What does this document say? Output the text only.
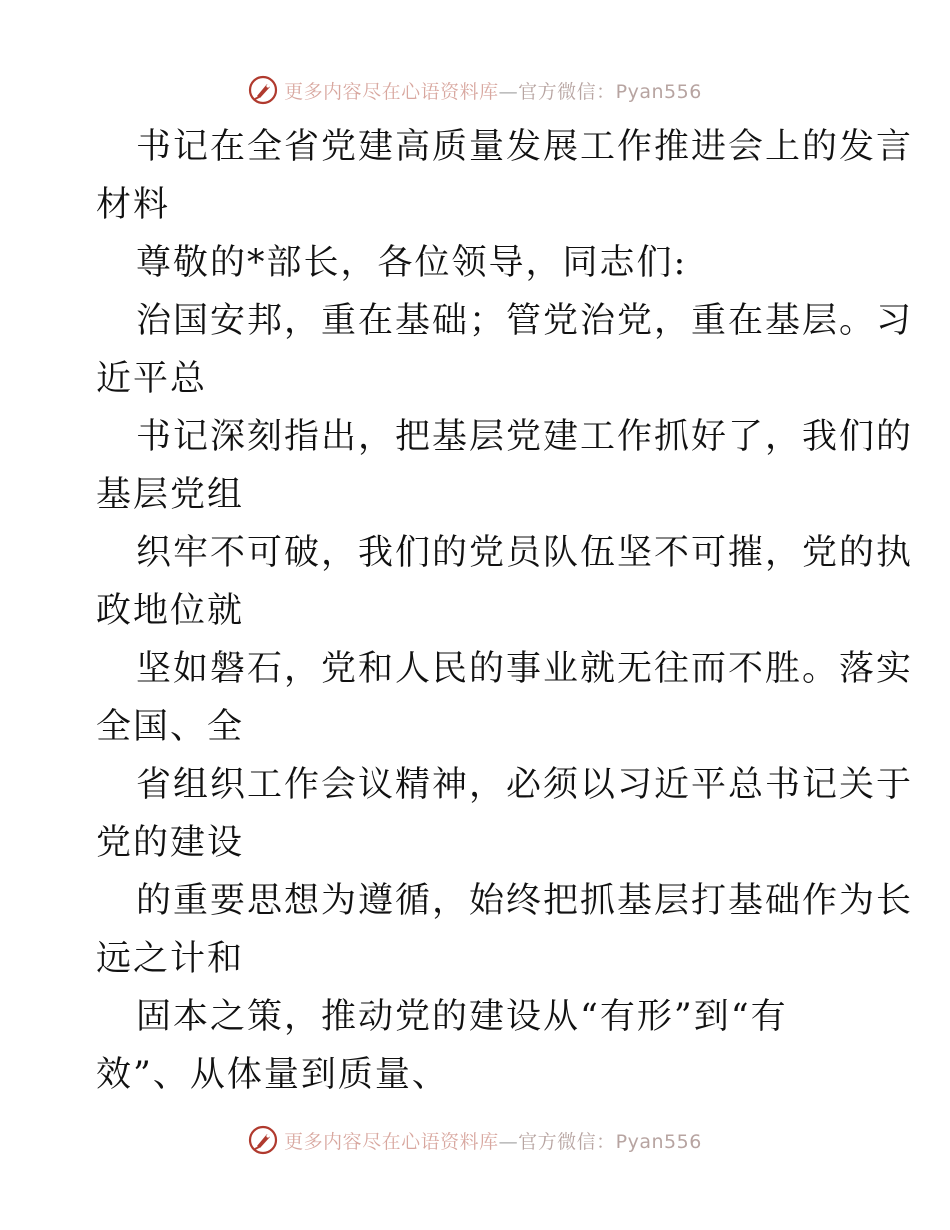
更多内容尽在心语资料库—官方微信：Pyan556
书记在全省党建高质量发展工作推进会上的发言
材料
尊敬的*部长，各位领导，同志们:
治国安邦，重在基础；管党治党，重在基层。习
近平总
书记深刻指出，把基层党建工作抓好了，我们的
基层党组
织牢不可破，我们的党员队伍坚不可摧，党的执
政地位就
坚如磐石，党和人民的事业就无往而不胜。落实
全国、全
省组织工作会议精神，必须以习近平总书记关于
党的建设
的重要思想为遵循，始终把抓基层打基础作为长
远之计和
固本之策，推动党的建设从“有形”到“有
效”、从体量到质量、
更多内容尽在心语资料库—官方微信：Pyan556
